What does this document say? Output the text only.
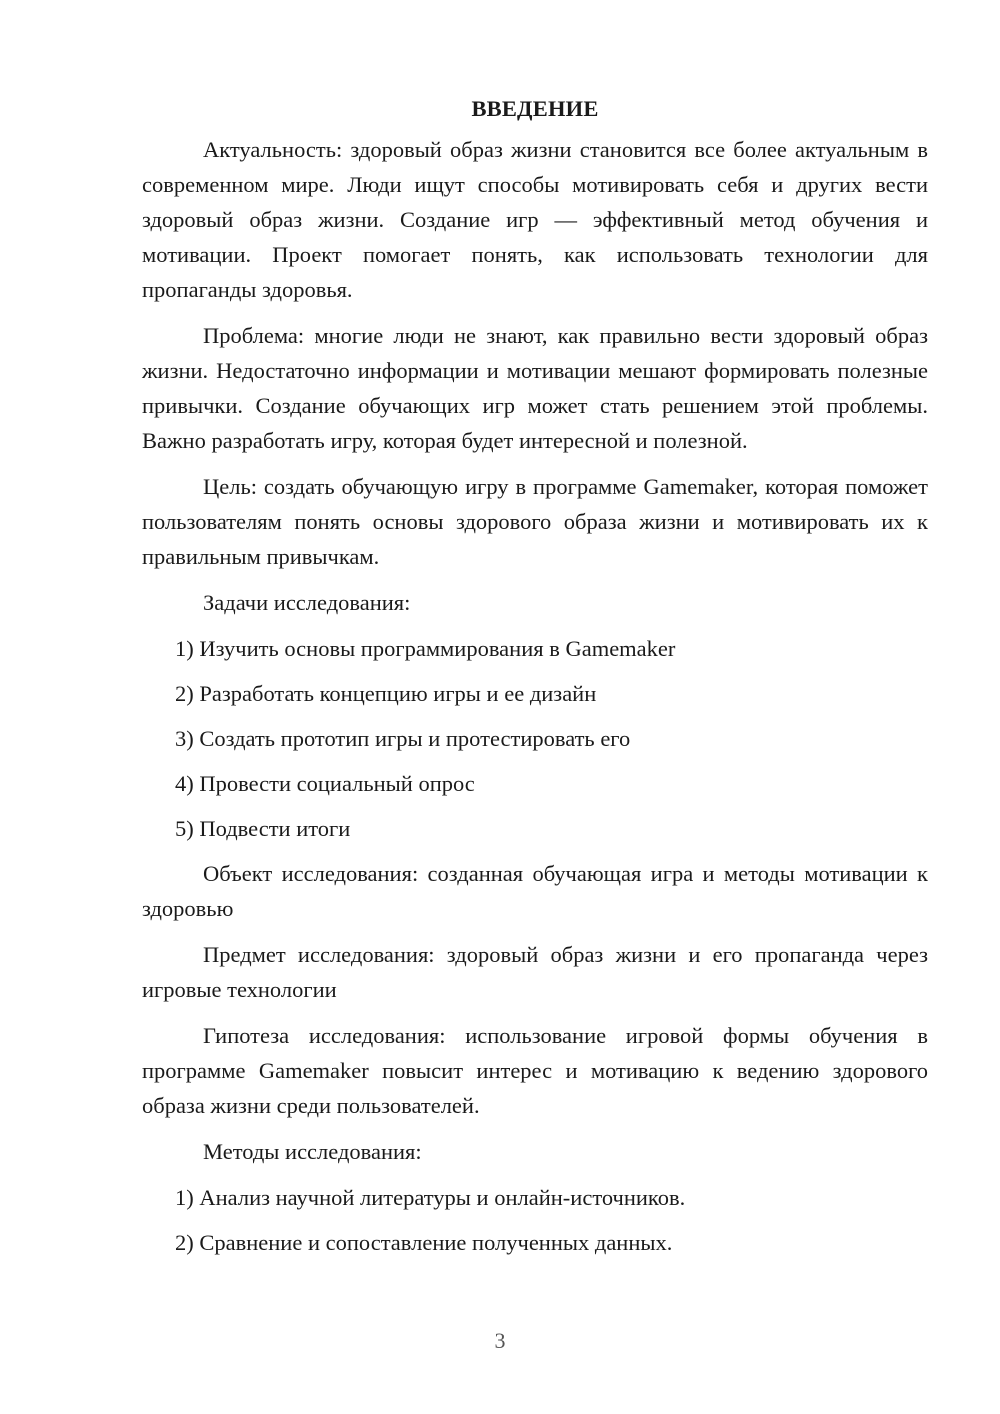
ВВЕДЕНИЕ
Актуальность: здоровый образ жизни становится все более актуальным в современном мире. Люди ищут способы мотивировать себя и других вести здоровый образ жизни. Создание игр — эффективный метод обучения и мотивации. Проект помогает понять, как использовать технологии для пропаганды здоровья.
Проблема: многие люди не знают, как правильно вести здоровый образ жизни. Недостаточно информации и мотивации мешают формировать полезные привычки. Создание обучающих игр может стать решением этой проблемы. Важно разработать игру, которая будет интересной и полезной.
Цель: создать обучающую игру в программе Gamemaker, которая поможет пользователям понять основы здорового образа жизни и мотивировать их к правильным привычкам.
Задачи исследования:
1) Изучить основы программирования в Gamemaker
2) Разработать концепцию игры и ее дизайн
3) Создать прототип игры и протестировать его
4) Провести социальный опрос
5) Подвести итоги
Объект исследования: созданная обучающая игра и методы мотивации к здоровью
Предмет исследования: здоровый образ жизни и его пропаганда через игровые технологии
Гипотеза исследования: использование игровой формы обучения в программе Gamemaker повысит интерес и мотивацию к ведению здорового образа жизни среди пользователей.
Методы исследования:
1) Анализ научной литературы и онлайн-источников.
2) Сравнение и сопоставление полученных данных.
3
